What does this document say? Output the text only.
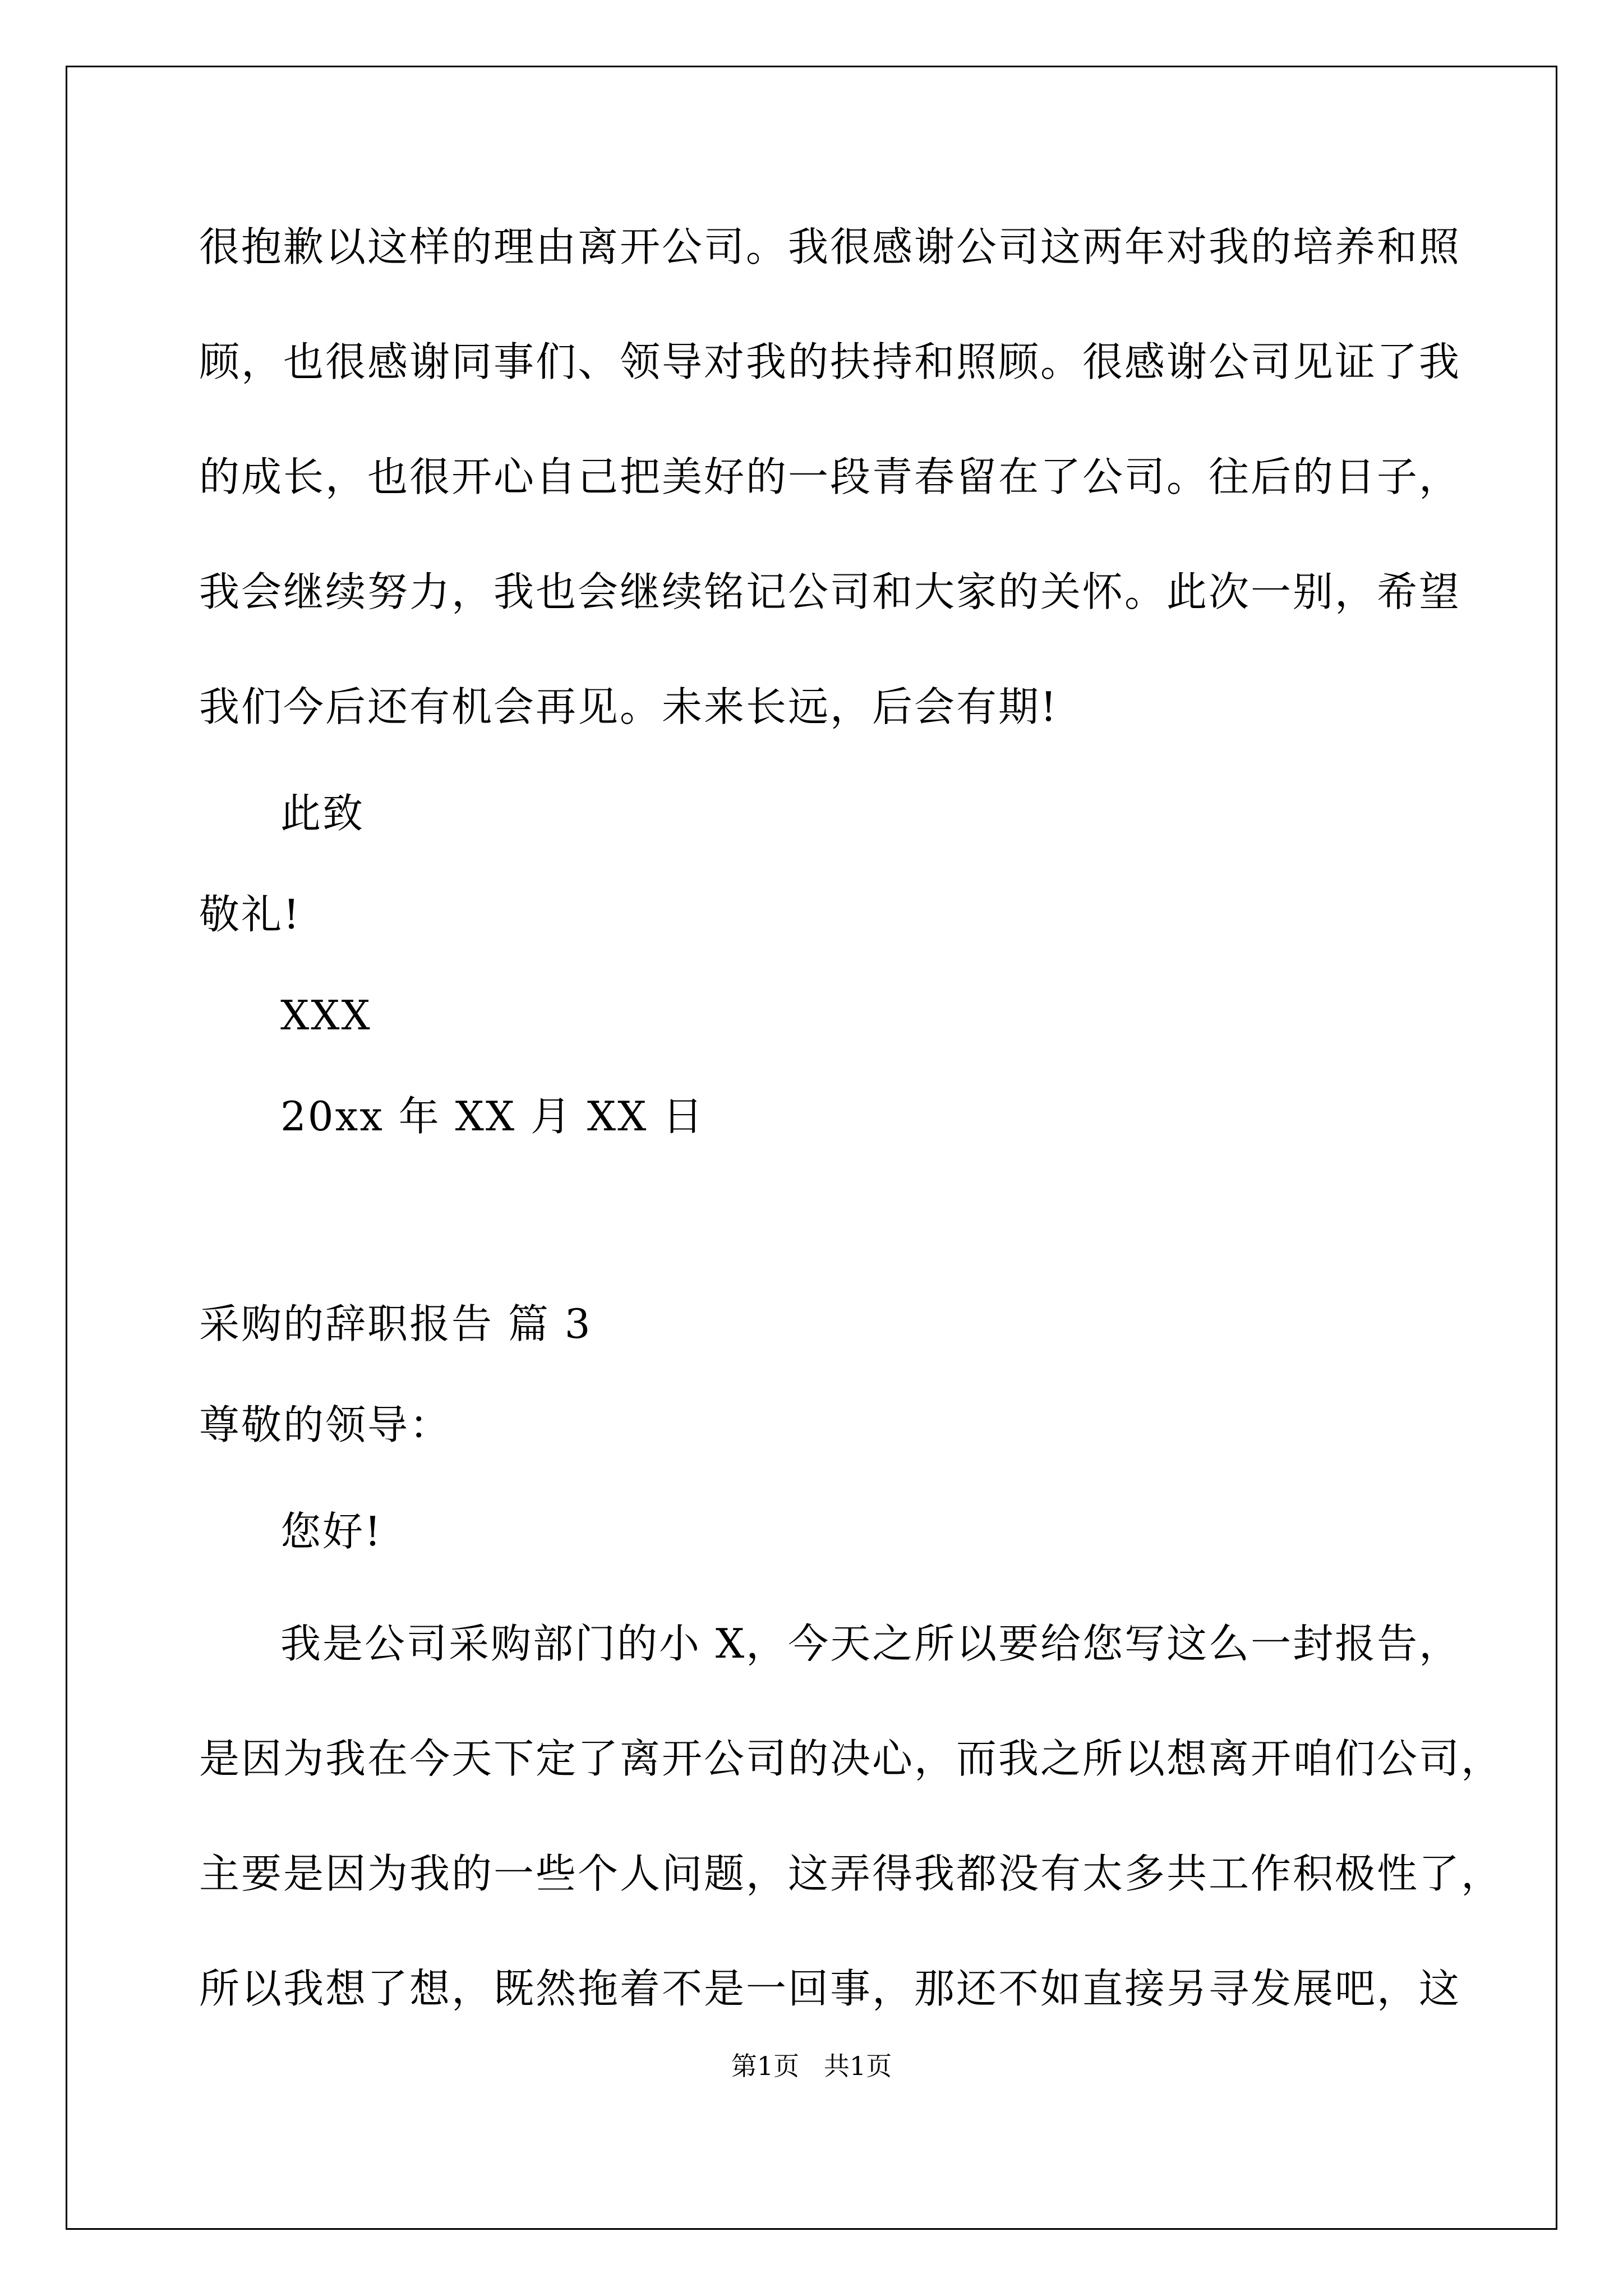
很抱歉以这样的理由离开公司。我很感谢公司这两年对我的培养和照
顾，也很感谢同事们、领导对我的扶持和照顾。很感谢公司见证了我
的成长，也很开心自己把美好的一段青春留在了公司。往后的日子，
我会继续努力，我也会继续铭记公司和大家的关怀。此次一别，希望
我们今后还有机会再见。未来长远，后会有期!
此致
敬礼!
XXX
20xx 年 XX 月 XX 日
采购的辞职报告 篇 3
尊敬的领导：
您好!
我是公司采购部门的小 X，今天之所以要给您写这么一封报告，
是因为我在今天下定了离开公司的决心，而我之所以想离开咱们公司，
主要是因为我的一些个人问题，这弄得我都没有太多共工作积极性了，
所以我想了想，既然拖着不是一回事，那还不如直接另寻发展吧，这
第1页   共1页
